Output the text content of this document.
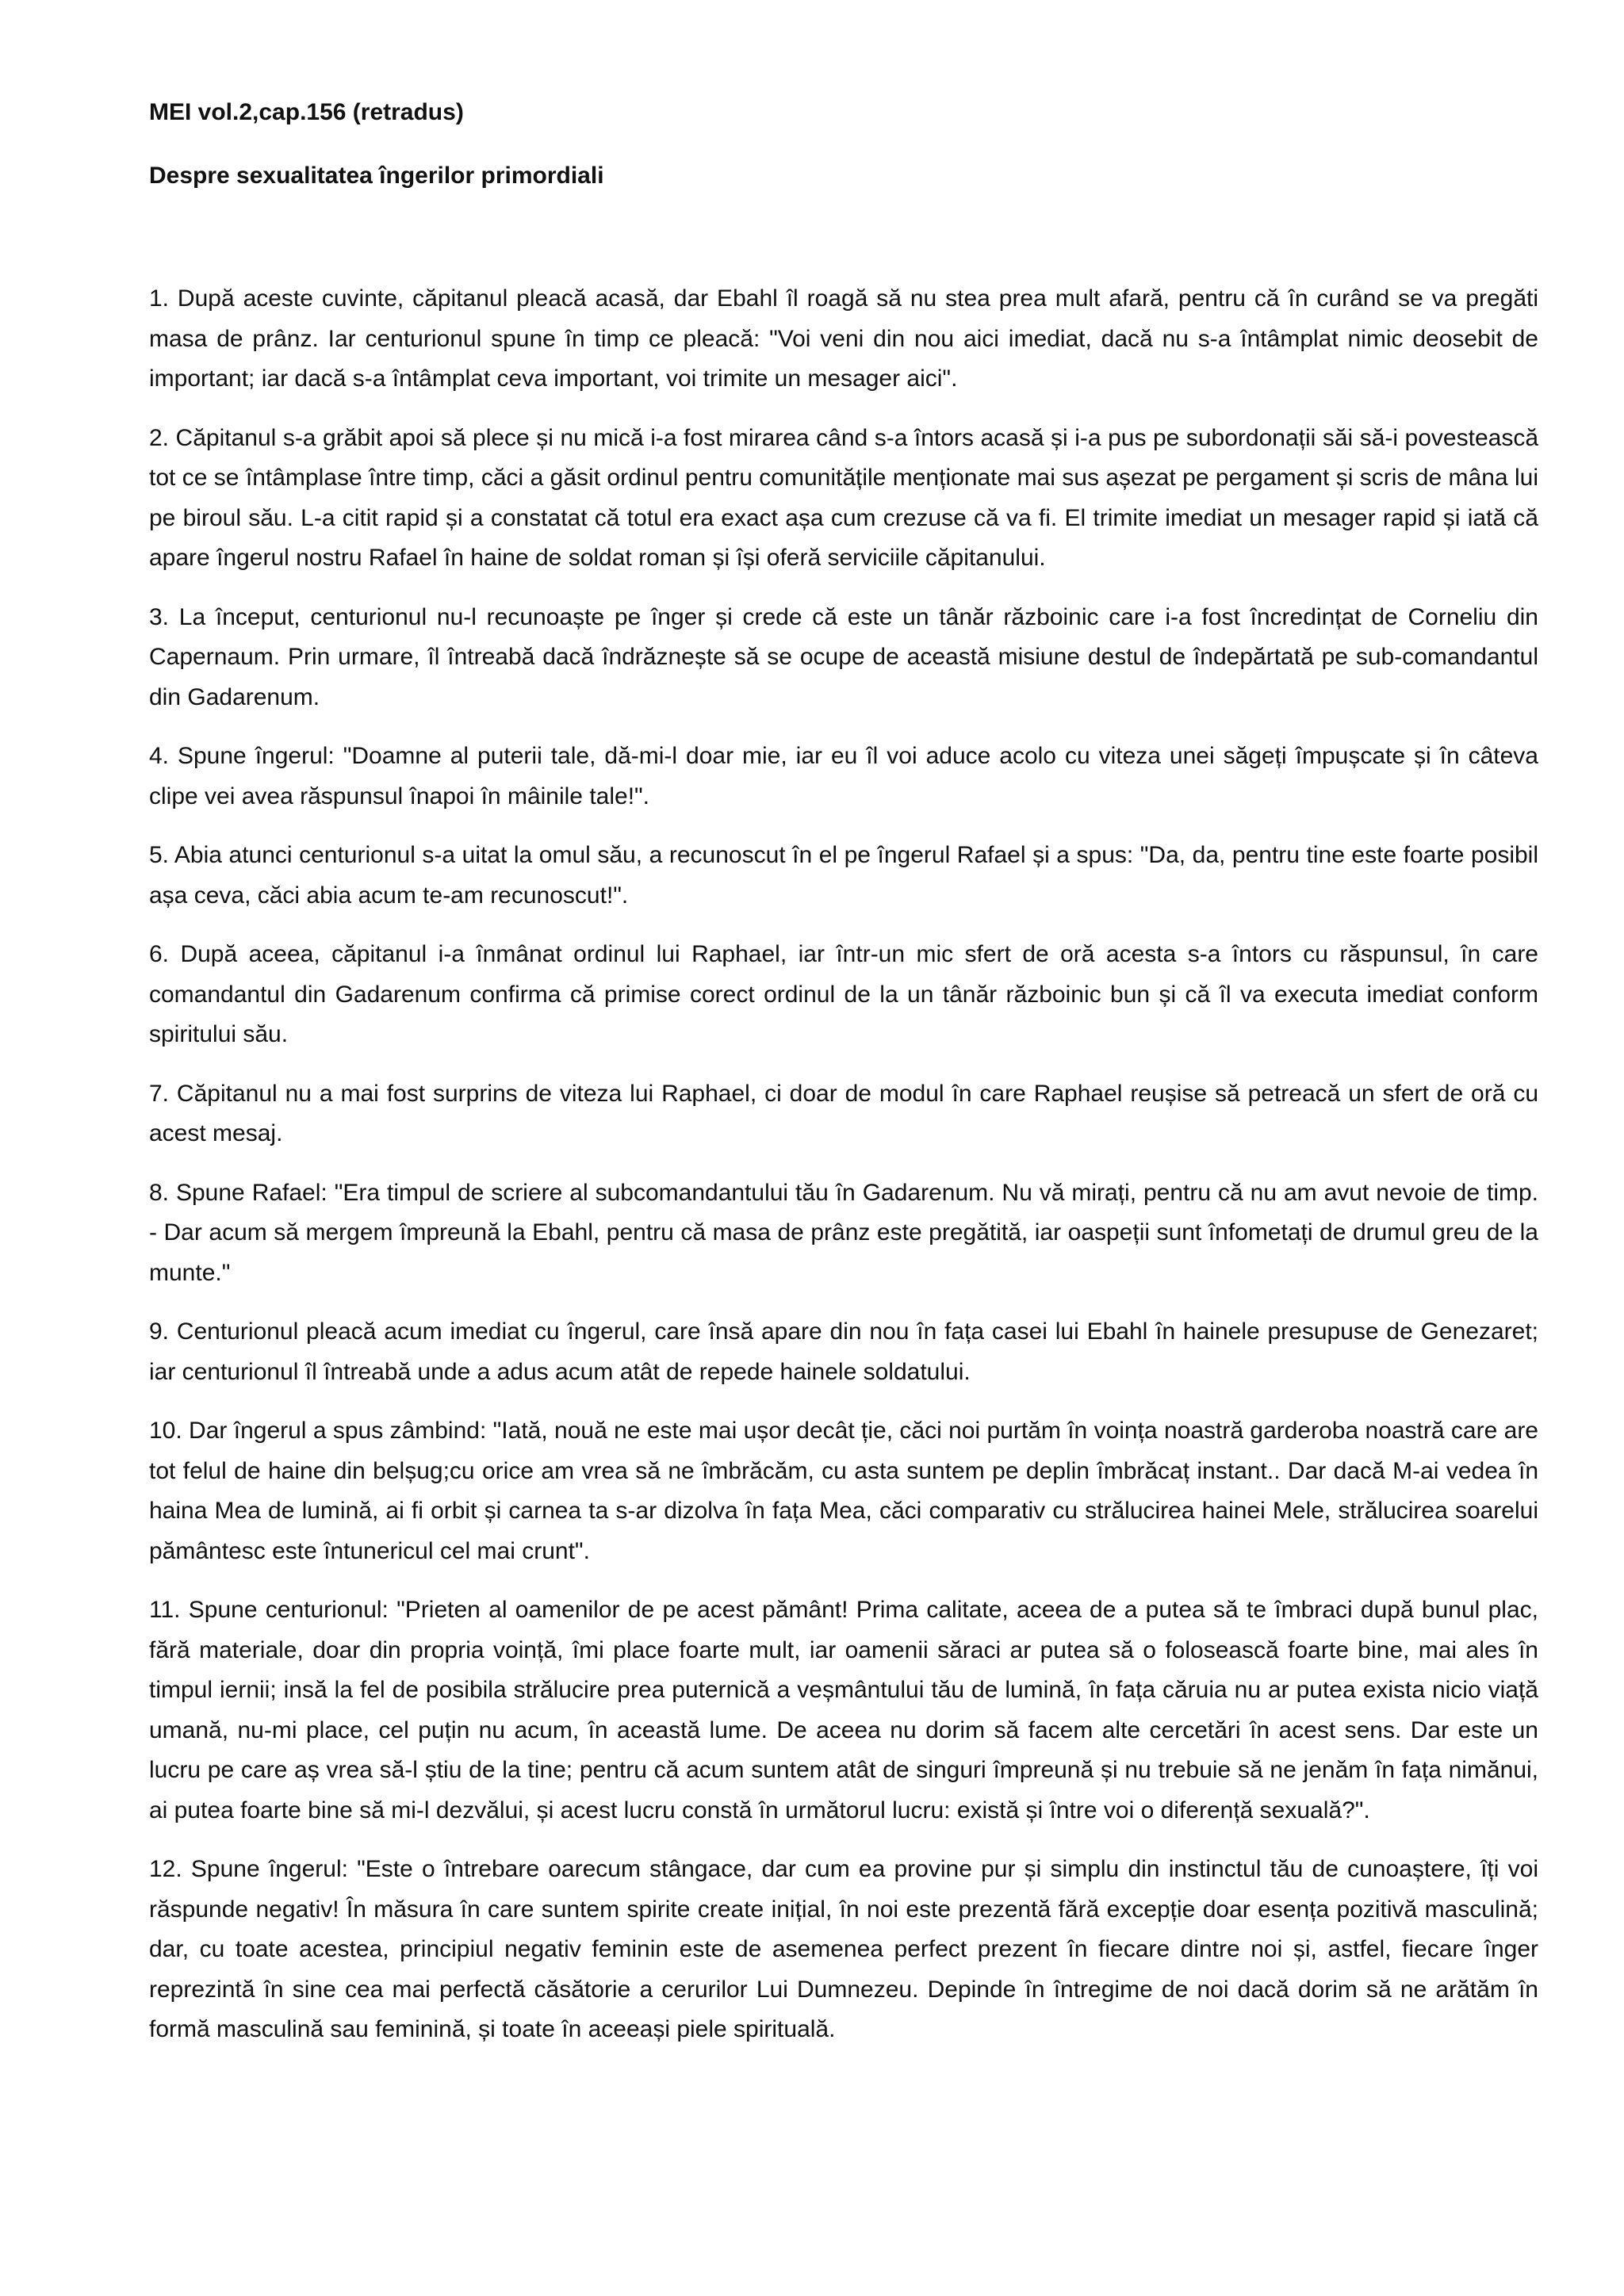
MEI vol.2,cap.156 (retradus)

Despre sexualitatea îngerilor primordiali

1. După aceste cuvinte, căpitanul pleacă acasă, dar Ebahl îl roagă să nu stea prea mult afară, pentru că în curând se va pregăti masa de prânz. Iar centurionul spune în timp ce pleacă: "Voi veni din nou aici imediat, dacă nu s-a întâmplat nimic deosebit de important; iar dacă s-a întâmplat ceva important, voi trimite un mesager aici".

2. Căpitanul s-a grăbit apoi să plece și nu mică i-a fost mirarea când s-a întors acasă și i-a pus pe subordonații săi să-i povestească tot ce se întâmplase între timp, căci a găsit ordinul pentru comunitățile menționate mai sus așezat pe pergament și scris de mâna lui pe biroul său. L-a citit rapid și a constatat că totul era exact așa cum crezuse că va fi. El trimite imediat un mesager rapid și iată că apare îngerul nostru Rafael în haine de soldat roman și își oferă serviciile căpitanului.

3. La început, centurionul nu-l recunoaște pe înger și crede că este un tânăr războinic care i-a fost încredințat de Corneliu din Capernaum. Prin urmare, îl întreabă dacă îndrăznește să se ocupe de această misiune destul de îndepărtată pe sub-comandantul din Gadarenum.

4. Spune îngerul: "Doamne al puterii tale, dă-mi-l doar mie, iar eu îl voi aduce acolo cu viteza unei săgeți împușcate și în câteva clipe vei avea răspunsul înapoi în mâinile tale!".

5. Abia atunci centurionul s-a uitat la omul său, a recunoscut în el pe îngerul Rafael și a spus: "Da, da, pentru tine este foarte posibil așa ceva, căci abia acum te-am recunoscut!".

6. După aceea, căpitanul i-a înmânat ordinul lui Raphael, iar într-un mic sfert de oră acesta s-a întors cu răspunsul, în care comandantul din Gadarenum confirma că primise corect ordinul de la un tânăr războinic bun și că îl va executa imediat conform spiritului său.

7. Căpitanul nu a mai fost surprins de viteza lui Raphael, ci doar de modul în care Raphael reușise să petreacă un sfert de oră cu acest mesaj.

8. Spune Rafael: "Era timpul de scriere al subcomandantului tău în Gadarenum. Nu vă mirați, pentru că nu am avut nevoie de timp. - Dar acum să mergem împreună la Ebahl, pentru că masa de prânz este pregătită, iar oaspeții sunt înfometați de drumul greu de la munte."

9. Centurionul pleacă acum imediat cu îngerul, care însă apare din nou în fața casei lui Ebahl în hainele presupuse de Genezaret; iar centurionul îl întreabă unde a adus acum atât de repede hainele soldatului.

10. Dar îngerul a spus zâmbind: "Iată, nouă ne este mai ușor decât ție, căci noi purtăm în voința noastră garderoba noastră care are tot felul de haine din belșug;cu orice am vrea să ne îmbrăcăm, cu asta suntem pe deplin îmbrăcaț instant.. Dar dacă M-ai vedea în haina Mea de lumină, ai fi orbit și carnea ta s-ar dizolva în fața Mea, căci comparativ cu strălucirea hainei Mele, strălucirea soarelui pământesc este întunericul cel mai crunt".

11. Spune centurionul: "Prieten al oamenilor de pe acest pământ! Prima calitate, aceea de a putea să te îmbraci după bunul plac, fără materiale, doar din propria voință, îmi place foarte mult, iar oamenii săraci ar putea să o folosească foarte bine, mai ales în timpul iernii; insă la fel de posibila strălucire prea puternică a veșmântului tău de lumină, în fața căruia nu ar putea exista nicio viață umană, nu-mi place, cel puțin nu acum, în această lume. De aceea nu dorim să facem alte cercetări în acest sens. Dar este un lucru pe care aș vrea să-l știu de la tine; pentru că acum suntem atât de singuri împreună și nu trebuie să ne jenăm în fața nimănui, ai putea foarte bine să mi-l dezvălui, și acest lucru constă în următorul lucru: există și între voi o diferență sexuală?".

12. Spune îngerul: "Este o întrebare oarecum stângace, dar cum ea provine pur și simplu din instinctul tău de cunoaștere, îți voi răspunde negativ! În măsura în care suntem spirite create inițial, în noi este prezentă fără excepție doar esența pozitivă masculină; dar, cu toate acestea, principiul negativ feminin este de asemenea perfect prezent în fiecare dintre noi și, astfel, fiecare înger reprezintă în sine cea mai perfectă căsătorie a cerurilor Lui Dumnezeu. Depinde în întregime de noi dacă dorim să ne arătăm în formă masculină sau feminină, și toate în aceeași piele spirituală.
